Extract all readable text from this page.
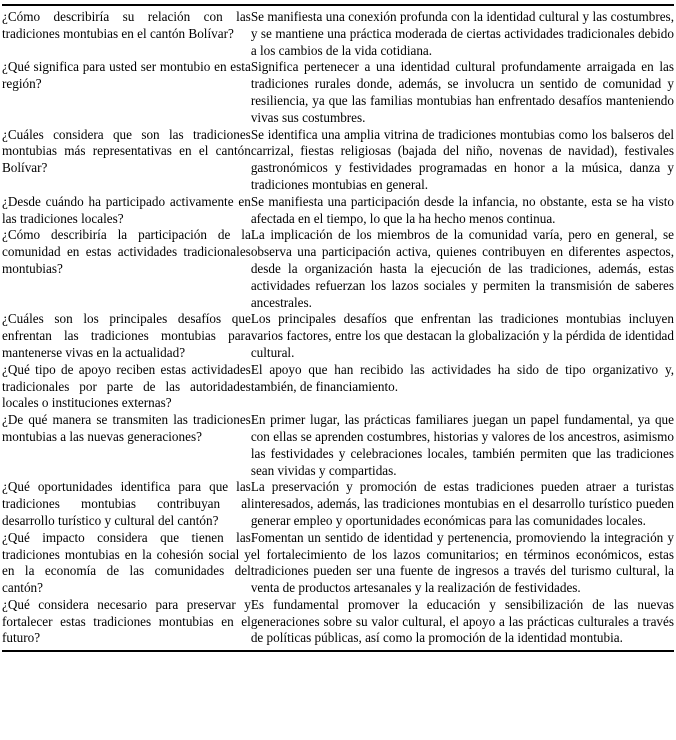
¿Cómo describiría su relación con las tradiciones montubias en el cantón Bolívar?	Se manifiesta una conexión profunda con la identidad cultural y las costumbres, y se mantiene una práctica moderada de ciertas actividades tradicionales debido a los cambios de la vida cotidiana.
¿Qué significa para usted ser montubio en esta región?	Significa pertenecer a una identidad cultural profundamente arraigada en las tradiciones rurales donde, además, se involucra un sentido de comunidad y resiliencia, ya que las familias montubias han enfrentado desafíos manteniendo vivas sus costumbres.
¿Cuáles considera que son las tradiciones montubias más representativas en el cantón Bolívar?	Se identifica una amplia vitrina de tradiciones montubias como los balseros del carrizal, fiestas religiosas (bajada del niño, novenas de navidad), festivales gastronómicos y festividades programadas en honor a la música, danza y tradiciones montubias en general.
¿Desde cuándo ha participado activamente en las tradiciones locales?	Se manifiesta una participación desde la infancia, no obstante, esta se ha visto afectada en el tiempo, lo que la ha hecho menos continua.
¿Cómo describiría la participación de la comunidad en estas actividades tradicionales montubias?	La implicación de los miembros de la comunidad varía, pero en general, se observa una participación activa, quienes contribuyen en diferentes aspectos, desde la organización hasta la ejecución de las tradiciones, además, estas actividades refuerzan los lazos sociales y permiten la transmisión de saberes ancestrales.
¿Cuáles son los principales desafíos que enfrentan las tradiciones montubias para mantenerse vivas en la actualidad?	Los principales desafíos que enfrentan las tradiciones montubias incluyen varios factores, entre los que destacan la globalización y la pérdida de identidad cultural.
¿Qué tipo de apoyo reciben estas actividades tradicionales por parte de las autoridades locales o instituciones externas?	El apoyo que han recibido las actividades ha sido de tipo organizativo y, también, de financiamiento.
¿De qué manera se transmiten las tradiciones montubias a las nuevas generaciones?	En primer lugar, las prácticas familiares juegan un papel fundamental, ya que con ellas se aprenden costumbres, historias y valores de los ancestros, asimismo las festividades y celebraciones locales, también permiten que las tradiciones sean vividas y compartidas.
¿Qué oportunidades identifica para que las tradiciones montubias contribuyan al desarrollo turístico y cultural del cantón?	La preservación y promoción de estas tradiciones pueden atraer a turistas interesados, además, las tradiciones montubias en el desarrollo turístico pueden generar empleo y oportunidades económicas para las comunidades locales.
¿Qué impacto considera que tienen las tradiciones montubias en la cohesión social y en la economía de las comunidades del cantón?	Fomentan un sentido de identidad y pertenencia, promoviendo la integración y el fortalecimiento de los lazos comunitarios; en términos económicos, estas tradiciones pueden ser una fuente de ingresos a través del turismo cultural, la venta de productos artesanales y la realización de festividades.
¿Qué considera necesario para preservar y fortalecer estas tradiciones montubias en el futuro?	Es fundamental promover la educación y sensibilización de las nuevas generaciones sobre su valor cultural, el apoyo a las prácticas culturales a través de políticas públicas, así como la promoción de la identidad montubia.
